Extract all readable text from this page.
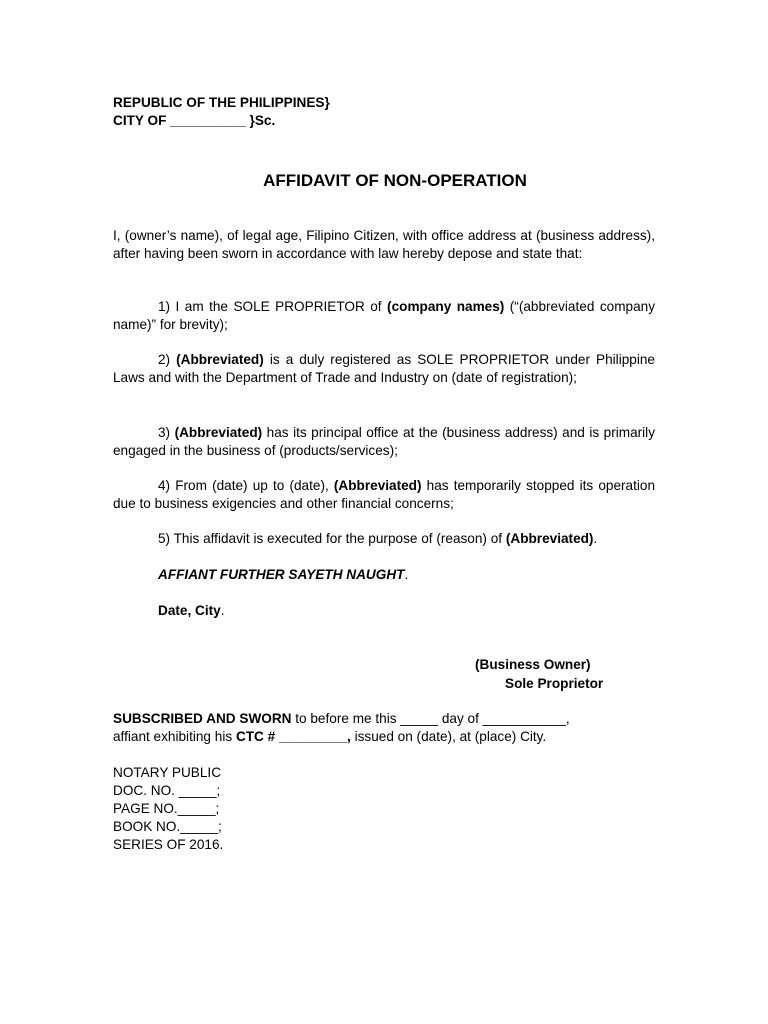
REPUBLIC OF THE PHILIPPINES}
CITY OF __________ }Sc.
AFFIDAVIT OF NON-OPERATION
I, (owner’s name), of legal age, Filipino Citizen, with office address at (business address), after having been sworn in accordance with law hereby depose and state that:
1) I am the SOLE PROPRIETOR of (company names) (“(abbreviated company name)” for brevity);
2) (Abbreviated) is a duly registered as SOLE PROPRIETOR under Philippine Laws and with the Department of Trade and Industry on (date of registration);
3) (Abbreviated) has its principal office at the (business address) and is primarily engaged in the business of (products/services);
4) From (date) up to (date), (Abbreviated) has temporarily stopped its operation due to business exigencies and other financial concerns;
5) This affidavit is executed for the purpose of (reason) of (Abbreviated).
AFFIANT FURTHER SAYETH NAUGHT.
Date, City.
(Business Owner)
Sole Proprietor
SUBSCRIBED AND SWORN to before me this _____ day of ___________,
affiant exhibiting his CTC # _________, issued on (date), at (place) City.
NOTARY PUBLIC
DOC. NO. _____;
PAGE NO._____;
BOOK NO._____;
SERIES OF 2016.
